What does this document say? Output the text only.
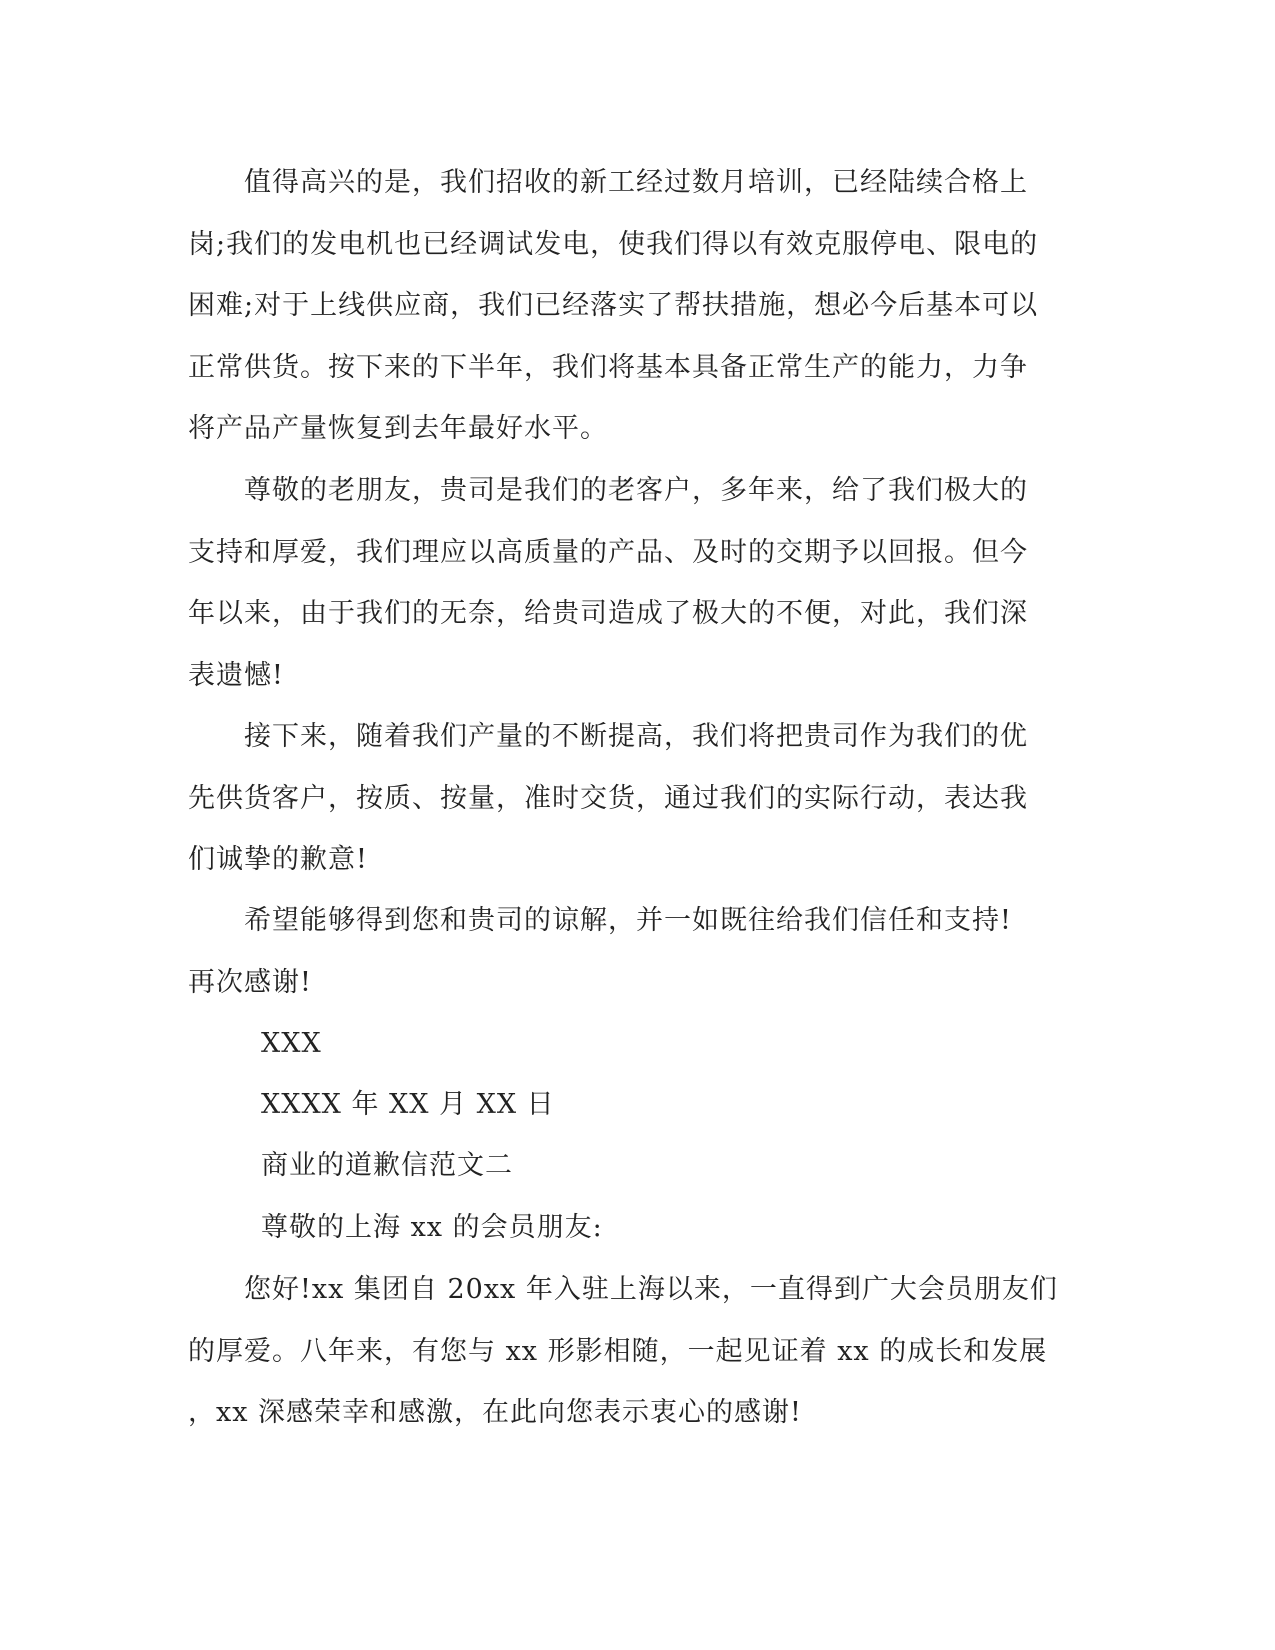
　　值得高兴的是，我们招收的新工经过数月培训，已经陆续合格上
岗;我们的发电机也已经调试发电，使我们得以有效克服停电、限电的
困难;对于上线供应商，我们已经落实了帮扶措施，想必今后基本可以
正常供货。按下来的下半年，我们将基本具备正常生产的能力，力争
将产品产量恢复到去年最好水平。
　　尊敬的老朋友，贵司是我们的老客户，多年来，给了我们极大的
支持和厚爱，我们理应以高质量的产品、及时的交期予以回报。但今
年以来，由于我们的无奈，给贵司造成了极大的不便，对此，我们深
表遗憾!
　　接下来，随着我们产量的不断提高，我们将把贵司作为我们的优
先供货客户，按质、按量，准时交货，通过我们的实际行动，表达我
们诚挚的歉意!
　　希望能够得到您和贵司的谅解，并一如既往给我们信任和支持!
再次感谢!
XXX
XXXX 年 XX 月 XX 日
商业的道歉信范文二
尊敬的上海 xx 的会员朋友:
　　您好!xx 集团自 20xx 年入驻上海以来，一直得到广大会员朋友们
的厚爱。八年来，有您与 xx 形影相随，一起见证着 xx 的成长和发展
，xx 深感荣幸和感激，在此向您表示衷心的感谢!
